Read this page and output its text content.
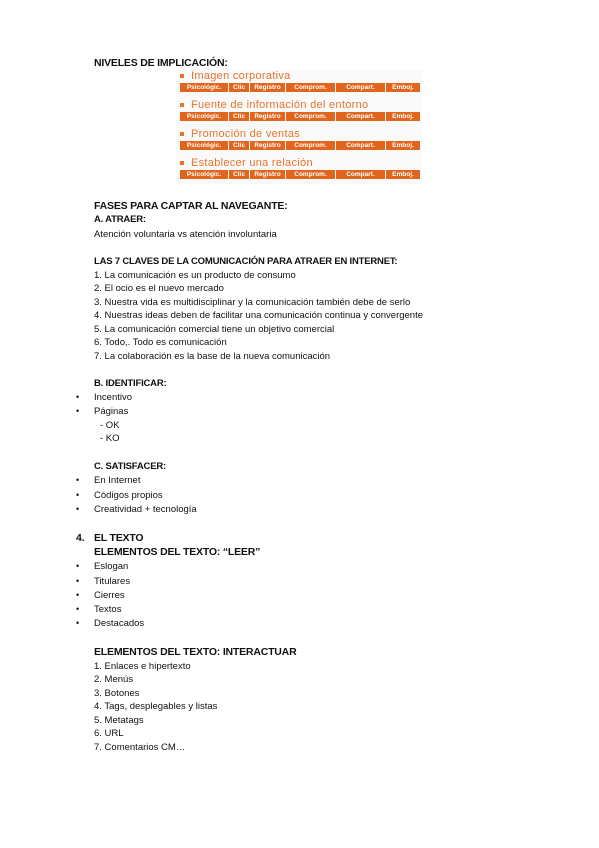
NIVELES DE IMPLICACIÓN:
Imagen corporativa
Psicológic.	Clic	Registro	Comprom.	Compart.	Emboj.
Fuente de información del entorno
Psicológic.	Clic	Registro	Comprom.	Compart.	Emboj.
Promoción de ventas
Psicológic.	Clic	Registro	Comprom.	Compart.	Emboj.
Establecer una relación
Psicológic.	Clic	Registro	Comprom.	Compart.	Emboj.
FASES PARA CAPTAR AL NAVEGANTE:
A. ATRAER:
Atención voluntaria vs atención involuntaria
LAS 7 CLAVES DE LA COMUNICACIÓN PARA ATRAER EN INTERNET:
1. La comunicación es un producto de consumo
2. El ocio es el nuevo mercado
3. Nuestra vida es multidisciplinar y la comunicación también debe de serlo
4. Nuestras ideas deben de facilitar una comunicación continua y convergente
5. La comunicación comercial tiene un objetivo comercial
6. Todo,. Todo es comunicación
7. La colaboración es la base de la nueva comunicación
B. IDENTIFICAR:
• Incentivo
• Páginas
- OK
- KO
C. SATISFACER:
• En Internet
• Códigos propios
• Creatividad + tecnología
4. EL TEXTO
ELEMENTOS DEL TEXTO: “LEER”
• Eslogan
• Titulares
• Cierres
• Textos
• Destacados
ELEMENTOS DEL TEXTO: INTERACTUAR
1. Enlaces e hipertexto
2. Menús
3. Botones
4. Tags, desplegables y listas
5. Metatags
6. URL
7. Comentarios CM…
